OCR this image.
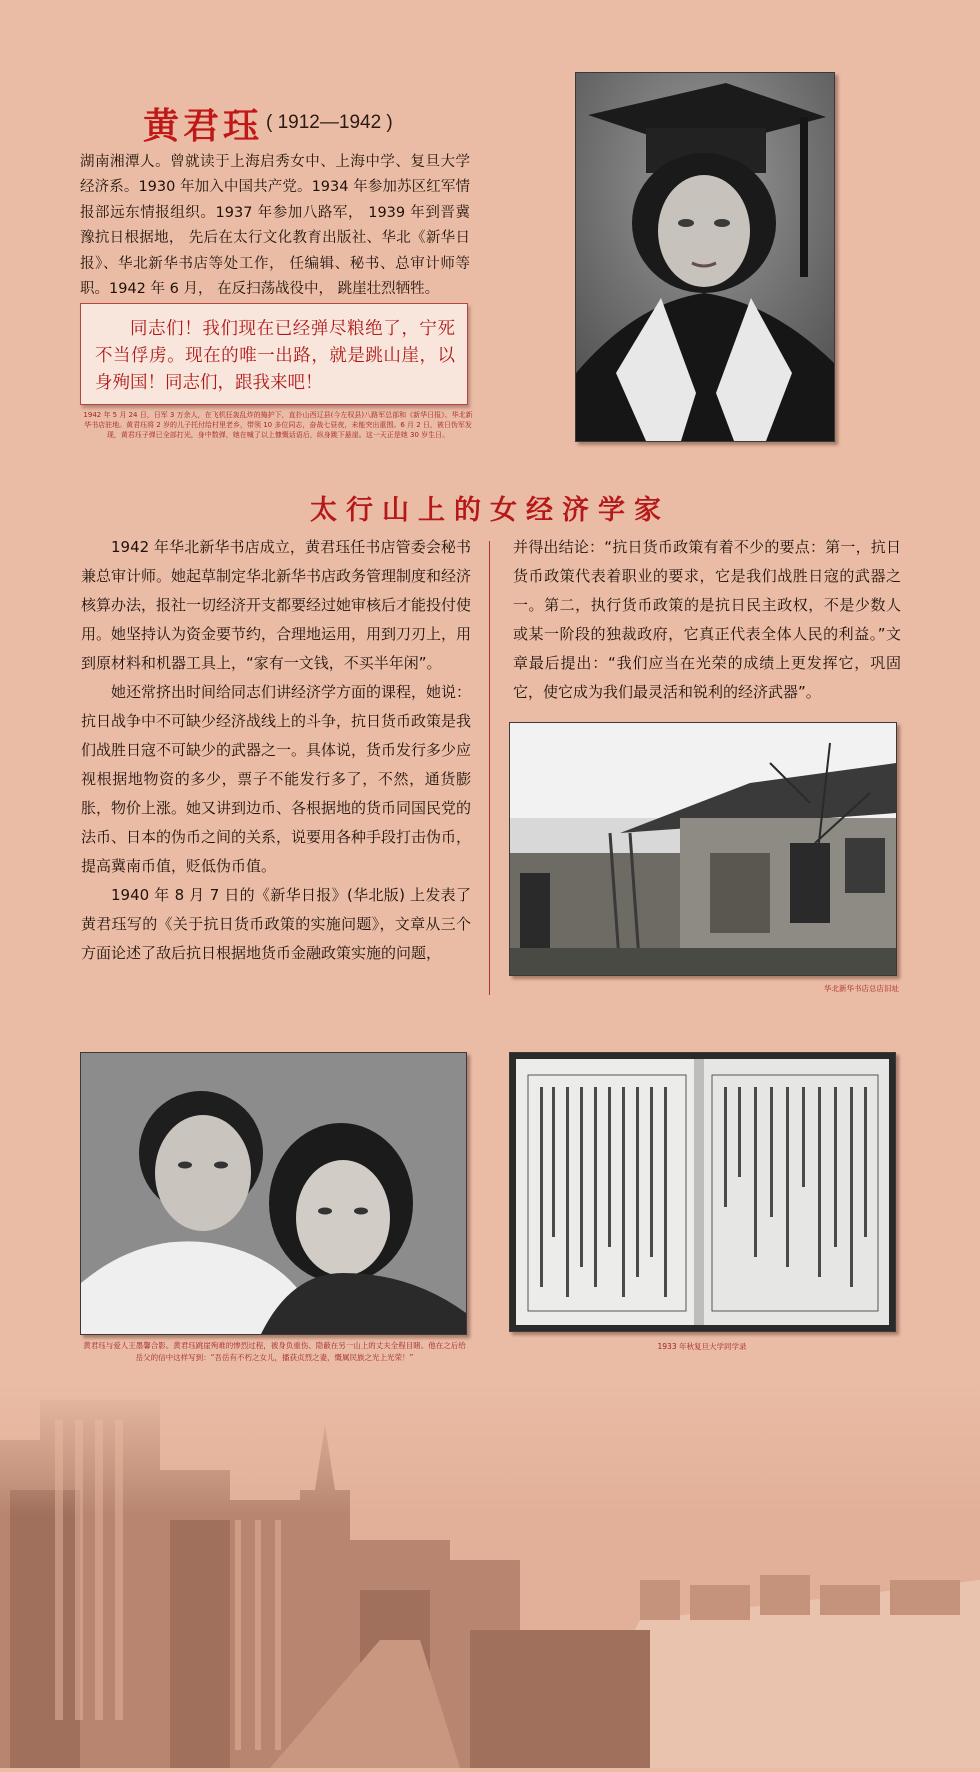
黄君珏 ( 1912—1942 )
湖南湘潭人。曾就读于上海启秀女中、上海中学、复旦大学经济系。1930 年加入中国共产党。1934 年参加苏区红军情报部远东情报组织。1937 年参加八路军， 1939 年到晋冀豫抗日根据地， 先后在太行文化教育出版社、华北《新华日报》、华北新华书店等处工作， 任编辑、秘书、总审计师等职。1942 年 6 月， 在反扫荡战役中， 跳崖壮烈牺牲。
同志们！我们现在已经弹尽粮绝了，宁死不当俘虏。现在的唯一出路，就是跳山崖，以身殉国！同志们，跟我来吧！
1942 年 5 月 24 日，日军 3 万余人，在飞机狂轰乱炸的掩护下，直扑山西辽县(今左权县)八路军总部和《新华日报》、华北新华书店驻地。黄君珏将 2 岁的儿子托付给村里老乡，带领 10 多位同志，奋战七昼夜，未能突出重围。6 月 2 日，被日伪军发现，黄君珏子弹已全部打光，身中数弹，她在喊了以上慷慨话语后，纵身跳下悬崖。这一天正是她 30 岁生日。
太行山上的女经济学家

1942 年华北新华书店成立，黄君珏任书店管委会秘书兼总审计师。她起草制定华北新华书店政务管理制度和经济核算办法，报社一切经济开支都要经过她审核后才能投付使用。她坚持认为资金要节约，合理地运用，用到刀刃上，用到原材料和机器工具上，“家有一文钱，不买半年闲”。

她还常挤出时间给同志们讲经济学方面的课程，她说：抗日战争中不可缺少经济战线上的斗争，抗日货币政策是我们战胜日寇不可缺少的武器之一。具体说，货币发行多少应视根据地物资的多少，票子不能发行多了，不然，通货膨胀，物价上涨。她又讲到边币、各根据地的货币同国民党的法币、日本的伪币之间的关系，说要用各种手段打击伪币，提高冀南币值，贬低伪币值。

1940 年 8 月 7 日的《新华日报》(华北版) 上发表了黄君珏写的《关于抗日货币政策的实施问题》，文章从三个方面论述了敌后抗日根据地货币金融政策实施的问题，

并得出结论：“抗日货币政策有着不少的要点：第一，抗日货币政策代表着职业的要求，它是我们战胜日寇的武器之一。第二，执行货币政策的是抗日民主政权，不是少数人或某一阶段的独裁政府，它真正代表全体人民的利益。”文章最后提出：“我们应当在光荣的成绩上更发挥它，巩固它，使它成为我们最灵活和锐利的经济武器”。

华北新华书店总店旧址
黄君珏与爱人王墨馨合影。黄君珏跳崖殉难的惨烈过程，被身负重伤、隐蔽在另一山上的丈夫全程目睹。他在之后给岳父的信中这样写到：“吾岳有不朽之女儿，播获贞烈之妻，慨属民族之光上光荣！”
1933 年秋复旦大学同学录
